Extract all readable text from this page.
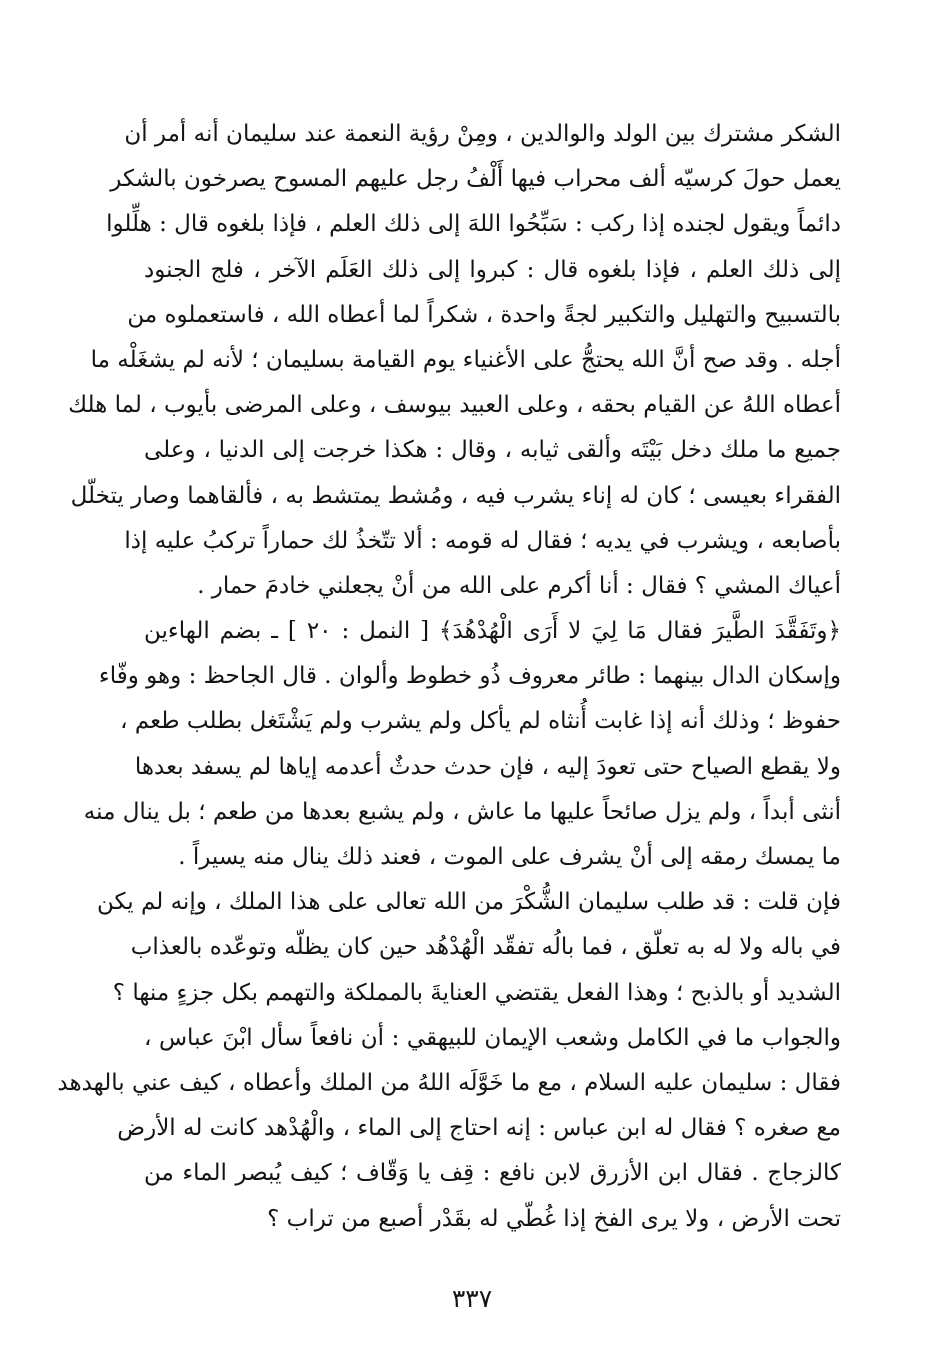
الشكر مشترك بين الولد والوالدين ، ومِنْ رؤية النعمة عند سليمان أنه أمر أن
يعمل حولَ كرسيّه ألف محراب فيها أَلْفُ رجل عليهم المسوح يصرخون بالشكر
دائماً ويقول لجنده إذا ركب : سَبِّحُوا اللهَ إلى ذلك العلم ، فإذا بلغوه قال : هلِّلوا
إلى ذلك العلم ، فإذا بلغوه قال : كبروا إلى ذلك العَلَم الآخر ، فلج الجنود
بالتسبيح والتهليل والتكبير لجةً واحدة ، شكراً لما أعطاه الله ، فاستعملوه من
أجله . وقد صح أنَّ الله يحتجُّ على الأغنياء يوم القيامة بسليمان ؛ لأنه لم يشغَلْه ما
أعطاه اللهُ عن القيام بحقه ، وعلى العبيد بيوسف ، وعلى المرضى بأيوب ، لما هلك
جميع ما ملك دخل بَيْتَه وألقى ثيابه ، وقال : هكذا خرجت إلى الدنيا ، وعلى
الفقراء بعيسى ؛ كان له إناء يشرب فيه ، ومُشط يمتشط به ، فألقاهما وصار يتخلّل
بأصابعه ، ويشرب في يديه ؛ فقال له قومه : ألا تتّخذُ لك حماراً تركبُ عليه إذا
أعياك المشي ؟ فقال : أنا أكرم على الله من أنْ يجعلني خادمَ حمار .
﴿وتَفَقَّدَ الطَّيرَ فقال مَا لِيَ لا أَرَى الْهُدْهُدَ﴾ [ النمل : ٢٠ ] ـ بضم الهاءين
وإسكان الدال بينهما : طائر معروف ذُو خطوط وألوان . قال الجاحظ : وهو وفّاء
حفوظ ؛ وذلك أنه إذا غابت أُنثاه لم يأكل ولم يشرب ولم يَشْتَغل بطلب طعم ،
ولا يقطع الصياح حتى تعودَ إليه ، فإن حدث حدثٌ أعدمه إياها لم يسفد بعدها
أنثى أبداً ، ولم يزل صائحاً عليها ما عاش ، ولم يشبع بعدها من طعم ؛ بل ينال منه
ما يمسك رمقه إلى أنْ يشرف على الموت ، فعند ذلك ينال منه يسيراً .
فإن قلت : قد طلب سليمان الشُّكْرَ من الله تعالى على هذا الملك ، وإنه لم يكن
في باله ولا له به تعلّق ، فما بالُه تفقّد الْهُدْهُد حين كان يظلّه وتوعّده بالعذاب
الشديد أو بالذبح ؛ وهذا الفعل يقتضي العنايةَ بالمملكة والتهمم بكل جزءٍ منها ؟
والجواب ما في الكامل وشعب الإيمان للبيهقي : أن نافعاً سأل ابْنَ عباس ،
فقال : سليمان عليه السلام ، مع ما خَوَّلَه اللهُ من الملك وأعطاه ، كيف عني بالهدهد
مع صغره ؟ فقال له ابن عباس : إنه احتاج إلى الماء ، والْهُدْهد كانت له الأرض
كالزجاج . فقال ابن الأزرق لابن نافع : قِف يا وَقّاف ؛ كيف يُبصر الماء من
تحت الأرض ، ولا يرى الفخ إذا غُطّي له بقَدْر أصبع من تراب ؟
٣٣٧
